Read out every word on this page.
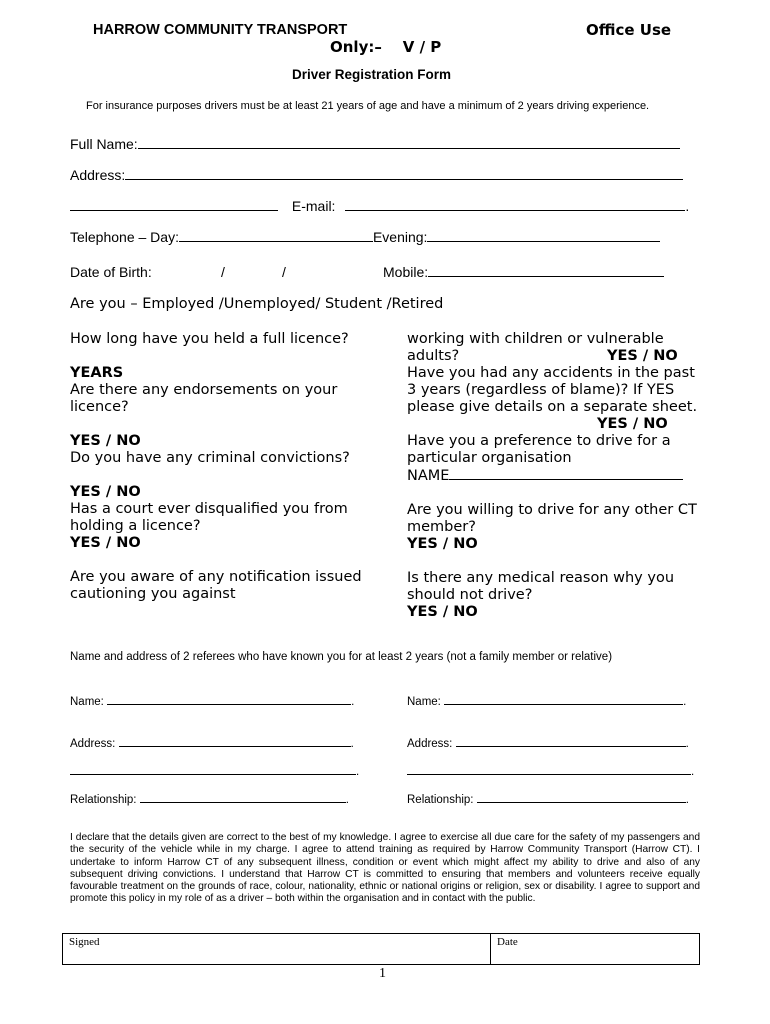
HARROW COMMUNITY TRANSPORT	Office Use
Only:–    V / P
Driver Registration Form
For insurance purposes drivers must be at least 21 years of age and have a minimum of 2 years driving experience.
Full Name:
Address:
E-mail:	.
Telephone – Day:	Evening:
Date of Birth:	/	/	Mobile:
Are you – Employed /Unemployed/ Student /Retired

How long have you held a full licence?

YEARS

Are there any endorsements on your licence?

YES / NO

Do you have any criminal convictions?

YES / NO

Has a court ever disqualified you from holding a licence?

YES / NO

Are you aware of any notification issued cautioning you against

working with children or vulnerable adults?	YES / NO

Have you had any accidents in the past 3 years (regardless of blame)? If YES please give details on a separate sheet.

YES / NO

Have you a preference to drive for a particular organisation

NAME

Are you willing to drive for any other CT member?

YES / NO

Is there any medical reason why you should not drive?

YES / NO

Name and address of 2 referees who have known you for at least 2 years (not a family member or relative)
Name:	.	Name:	.
Address:	.	Address:	.
.	.
Relationship:	.	Relationship:	.
I declare that the details given are correct to the best of my knowledge. I agree to exercise all due care for the safety of my passengers and the security of the vehicle while in my charge. I agree to attend training as required by Harrow Community Transport (Harrow CT). I undertake to inform Harrow CT of any subsequent illness, condition or event which might affect my ability to drive and also of any subsequent driving convictions. I understand that Harrow CT is committed to ensuring that members and volunteers receive equally favourable treatment on the grounds of race, colour, nationality, ethnic or national origins or religion, sex or disability. I agree to support and promote this policy in my role of as a driver – both within the organisation and in contact with the public.
Signed	Date
1
